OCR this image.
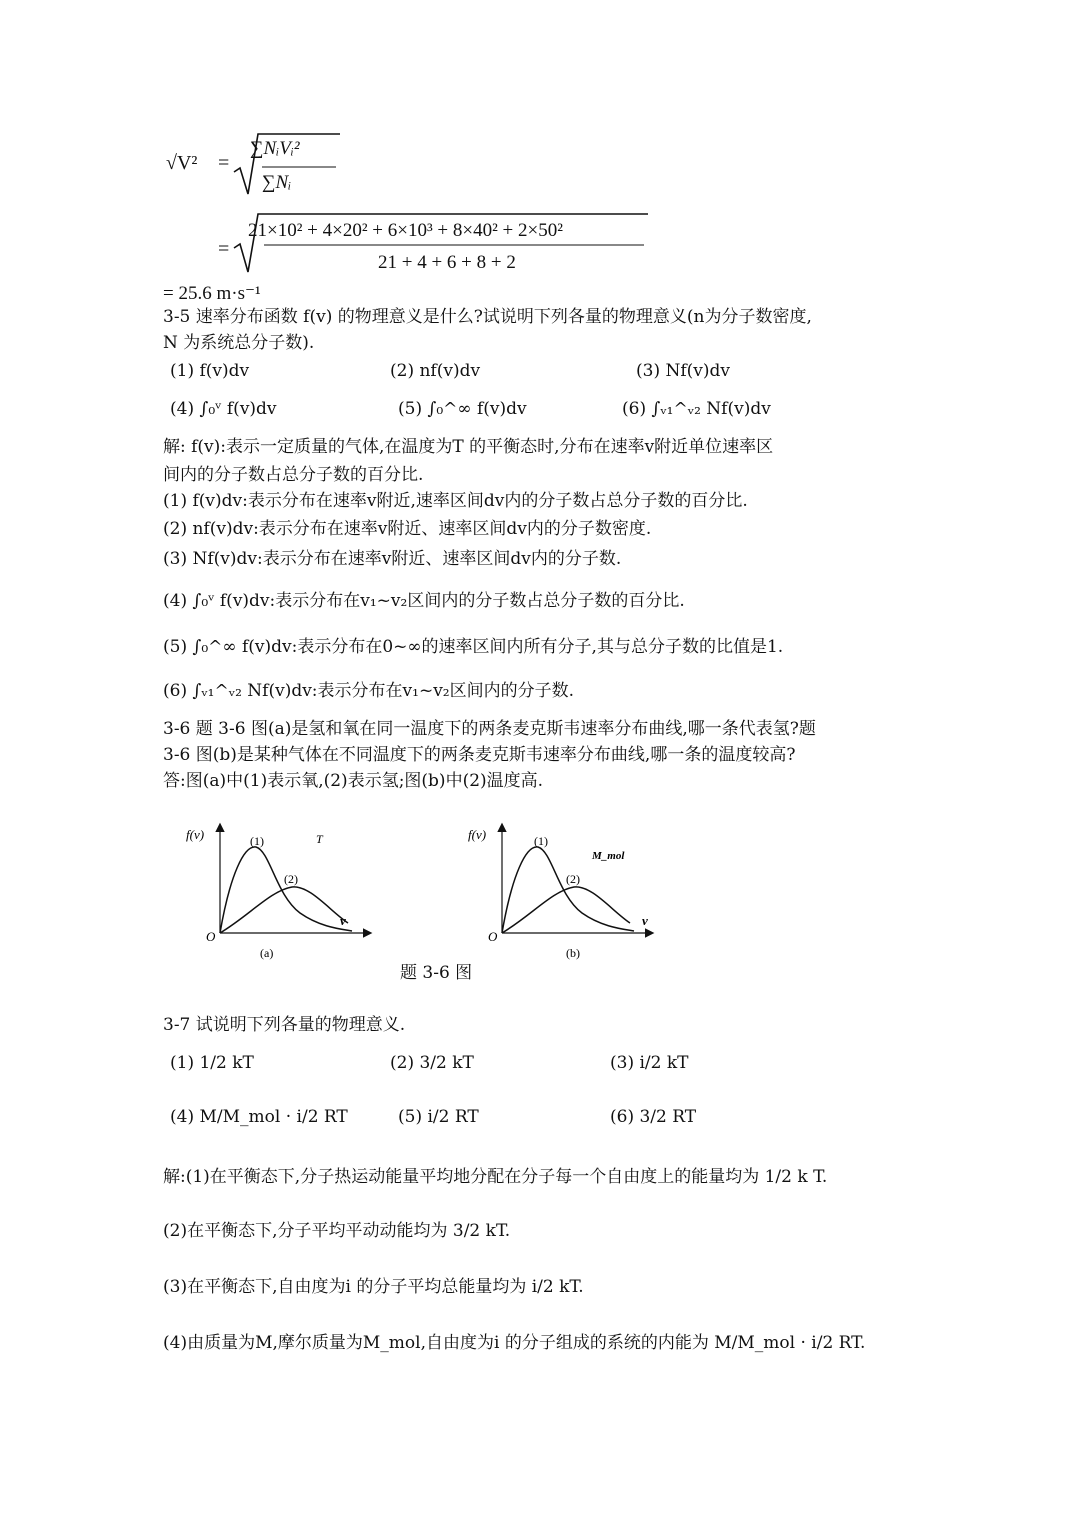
√V² =
∑NᵢVᵢ²
∑Nᵢ
=
21×10² + 4×20² + 6×10³ + 8×40² + 2×50²
21 + 4 + 6 + 8 + 2
= 25.6 m·s⁻¹
3-5 速率分布函数 f(v) 的物理意义是什么?试说明下列各量的物理意义(n为分子数密度,
N 为系统总分子数).
(1) f(v)dv	(2) nf(v)dv	(3) Nf(v)dv
(4) ∫₀ᵛ f(v)dv	(5) ∫₀^∞ f(v)dv	(6) ∫ᵥ₁^ᵥ₂ Nf(v)dv
解: f(v):表示一定质量的气体,在温度为T 的平衡态时,分布在速率v附近单位速率区
间内的分子数占总分子数的百分比.
(1) f(v)dv:表示分布在速率v附近,速率区间dv内的分子数占总分子数的百分比.
(2) nf(v)dv:表示分布在速率v附近、速率区间dv内的分子数密度.
(3) Nf(v)dv:表示分布在速率v附近、速率区间dv内的分子数.
(4) ∫₀ᵛ f(v)dv:表示分布在v₁~v₂区间内的分子数占总分子数的百分比.
(5) ∫₀^∞ f(v)dv:表示分布在0~∞的速率区间内所有分子,其与总分子数的比值是1.
(6) ∫ᵥ₁^ᵥ₂ Nf(v)dv:表示分布在v₁~v₂区间内的分子数.
3-6 题 3-6 图(a)是氢和氧在同一温度下的两条麦克斯韦速率分布曲线,哪一条代表氢?题
3-6 图(b)是某种气体在不同温度下的两条麦克斯韦速率分布曲线,哪一条的温度较高?
答:图(a)中(1)表示氧,(2)表示氢;图(b)中(2)温度高.
f(v)	(1)
(2)
T
O
v
(a)
f(v)	(1)
(2)
M_mol
O
v
(b)
题 3-6 图
3-7 试说明下列各量的物理意义.
(1) 1/2 kT	(2) 3/2 kT	(3) i/2 kT
(4) M/M_mol · i/2 RT	(5) i/2 RT	(6) 3/2 RT
解:(1)在平衡态下,分子热运动能量平均地分配在分子每一个自由度上的能量均为 1/2 k T.
(2)在平衡态下,分子平均平动动能均为 3/2 kT.
(3)在平衡态下,自由度为i 的分子平均总能量均为 i/2 kT.
(4)由质量为M,摩尔质量为M_mol,自由度为i 的分子组成的系统的内能为 M/M_mol · i/2 RT.
